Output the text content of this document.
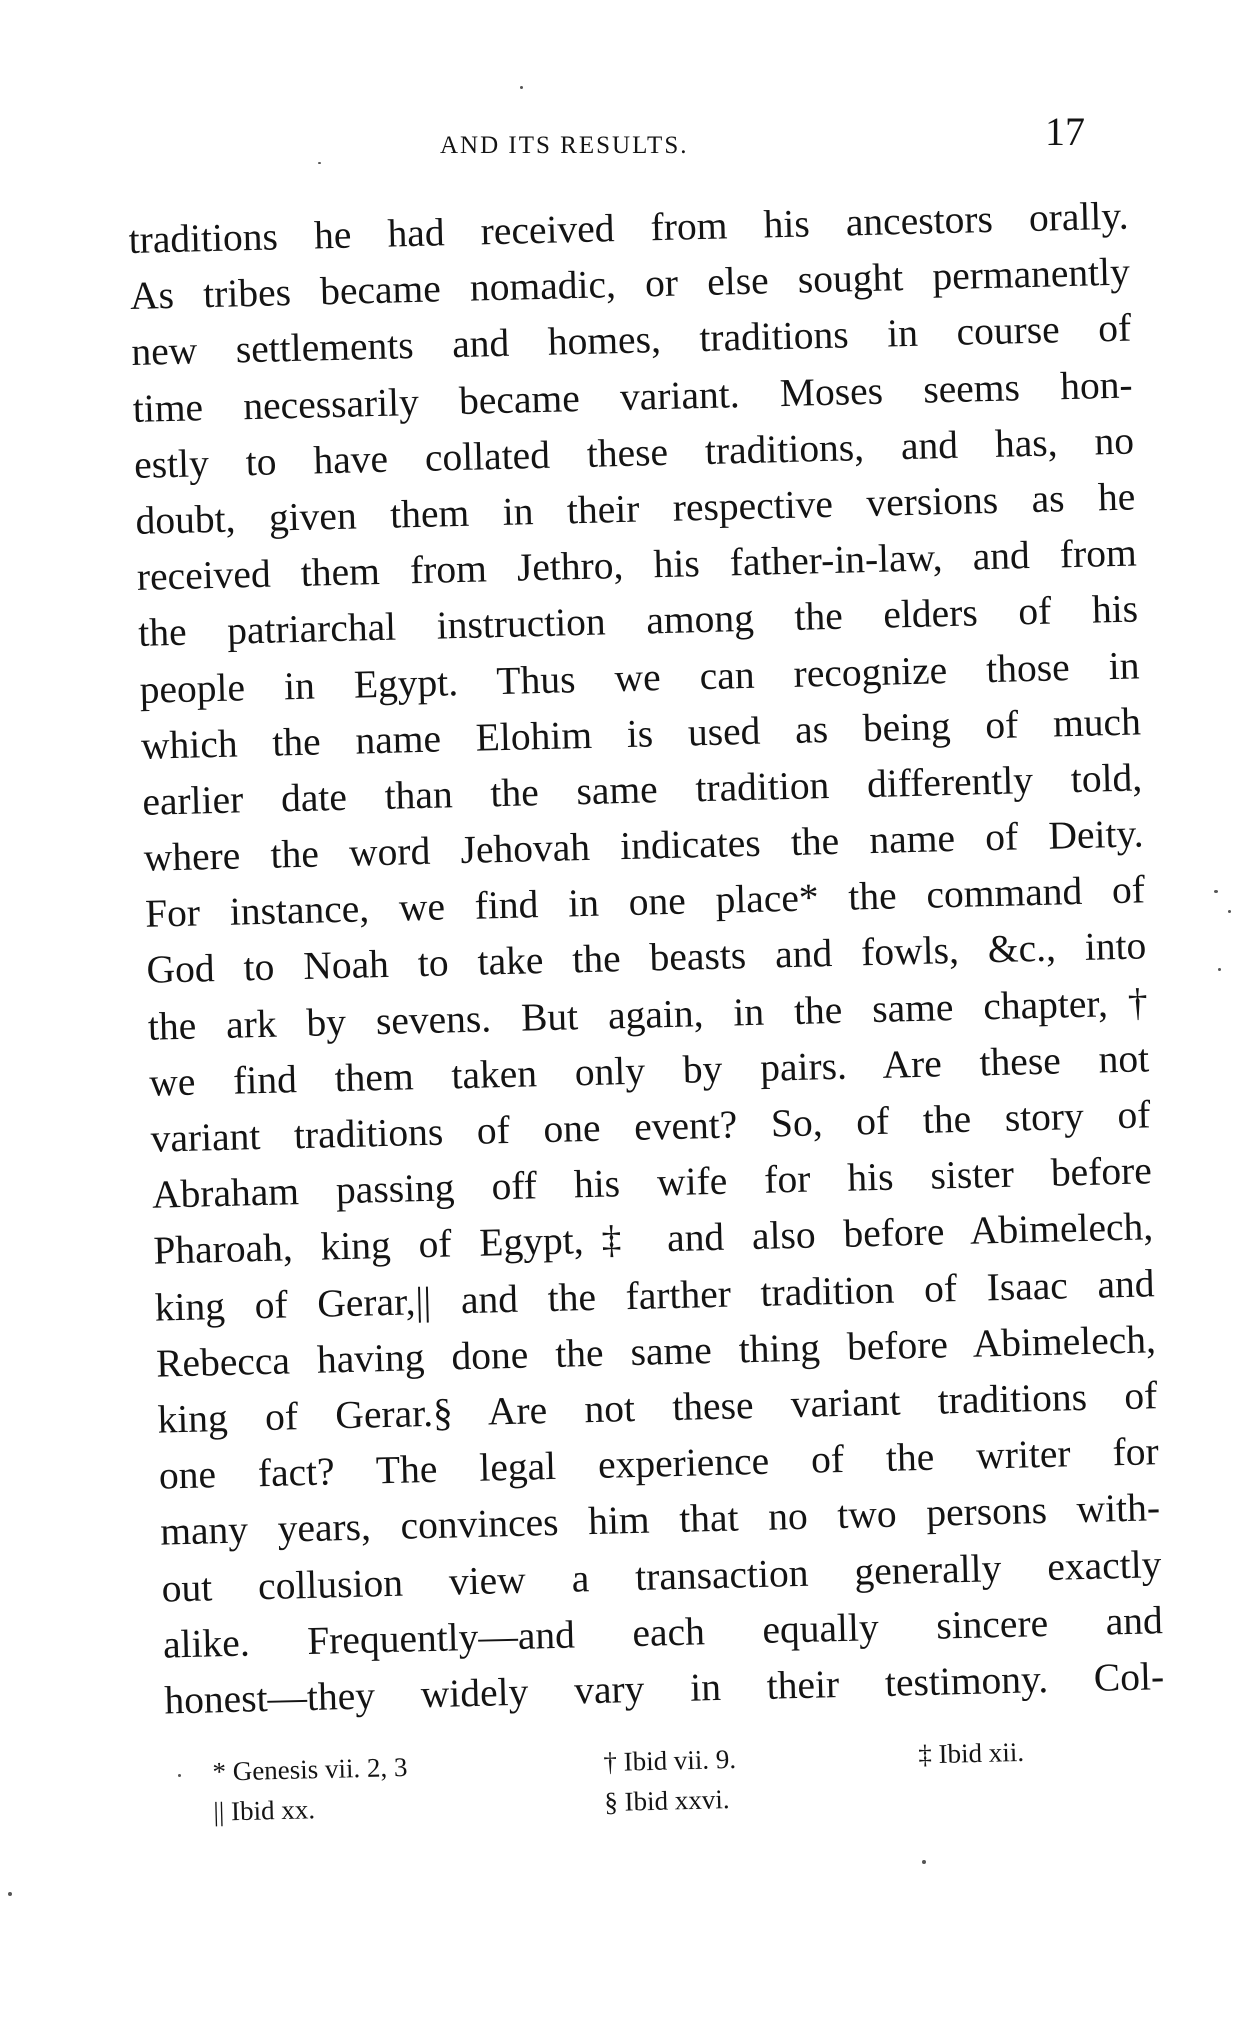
AND ITS RESULTS.	17
traditions he had received from his ancestors orally.
As tribes became nomadic, or else sought permanently
new settlements and homes, traditions in course of
time necessarily became variant. Moses seems hon-
estly to have collated these traditions, and has, no
doubt, given them in their respective versions as he
received them from Jethro, his father-in-law, and from
the patriarchal instruction among the elders of his
people in Egypt. Thus we can recognize those in
which the name Elohim is used as being of much
earlier date than the same tradition differently told,
where the word Jehovah indicates the name of Deity.
For instance, we find in one place* the command of
God to Noah to take the beasts and fowls, &c., into
the ark by sevens. But again, in the same chapter,†
we find them taken only by pairs. Are these not
variant traditions of one event? So, of the story of
Abraham passing off his wife for his sister before
Pharoah, king of Egypt,‡ and also before Abimelech,
king of Gerar,|| and the farther tradition of Isaac and
Rebecca having done the same thing before Abimelech,
king of Gerar.§ Are not these variant traditions of
one fact? The legal experience of the writer for
many years, convinces him that no two persons with-
out collusion view a transaction generally exactly
alike. Frequently—and each equally sincere and
honest—they widely vary in their testimony. Col-
* Genesis vii. 2, 3	† Ibid vii. 9.	‡ Ibid xii.
|| Ibid xx.	§ Ibid xxvi.
